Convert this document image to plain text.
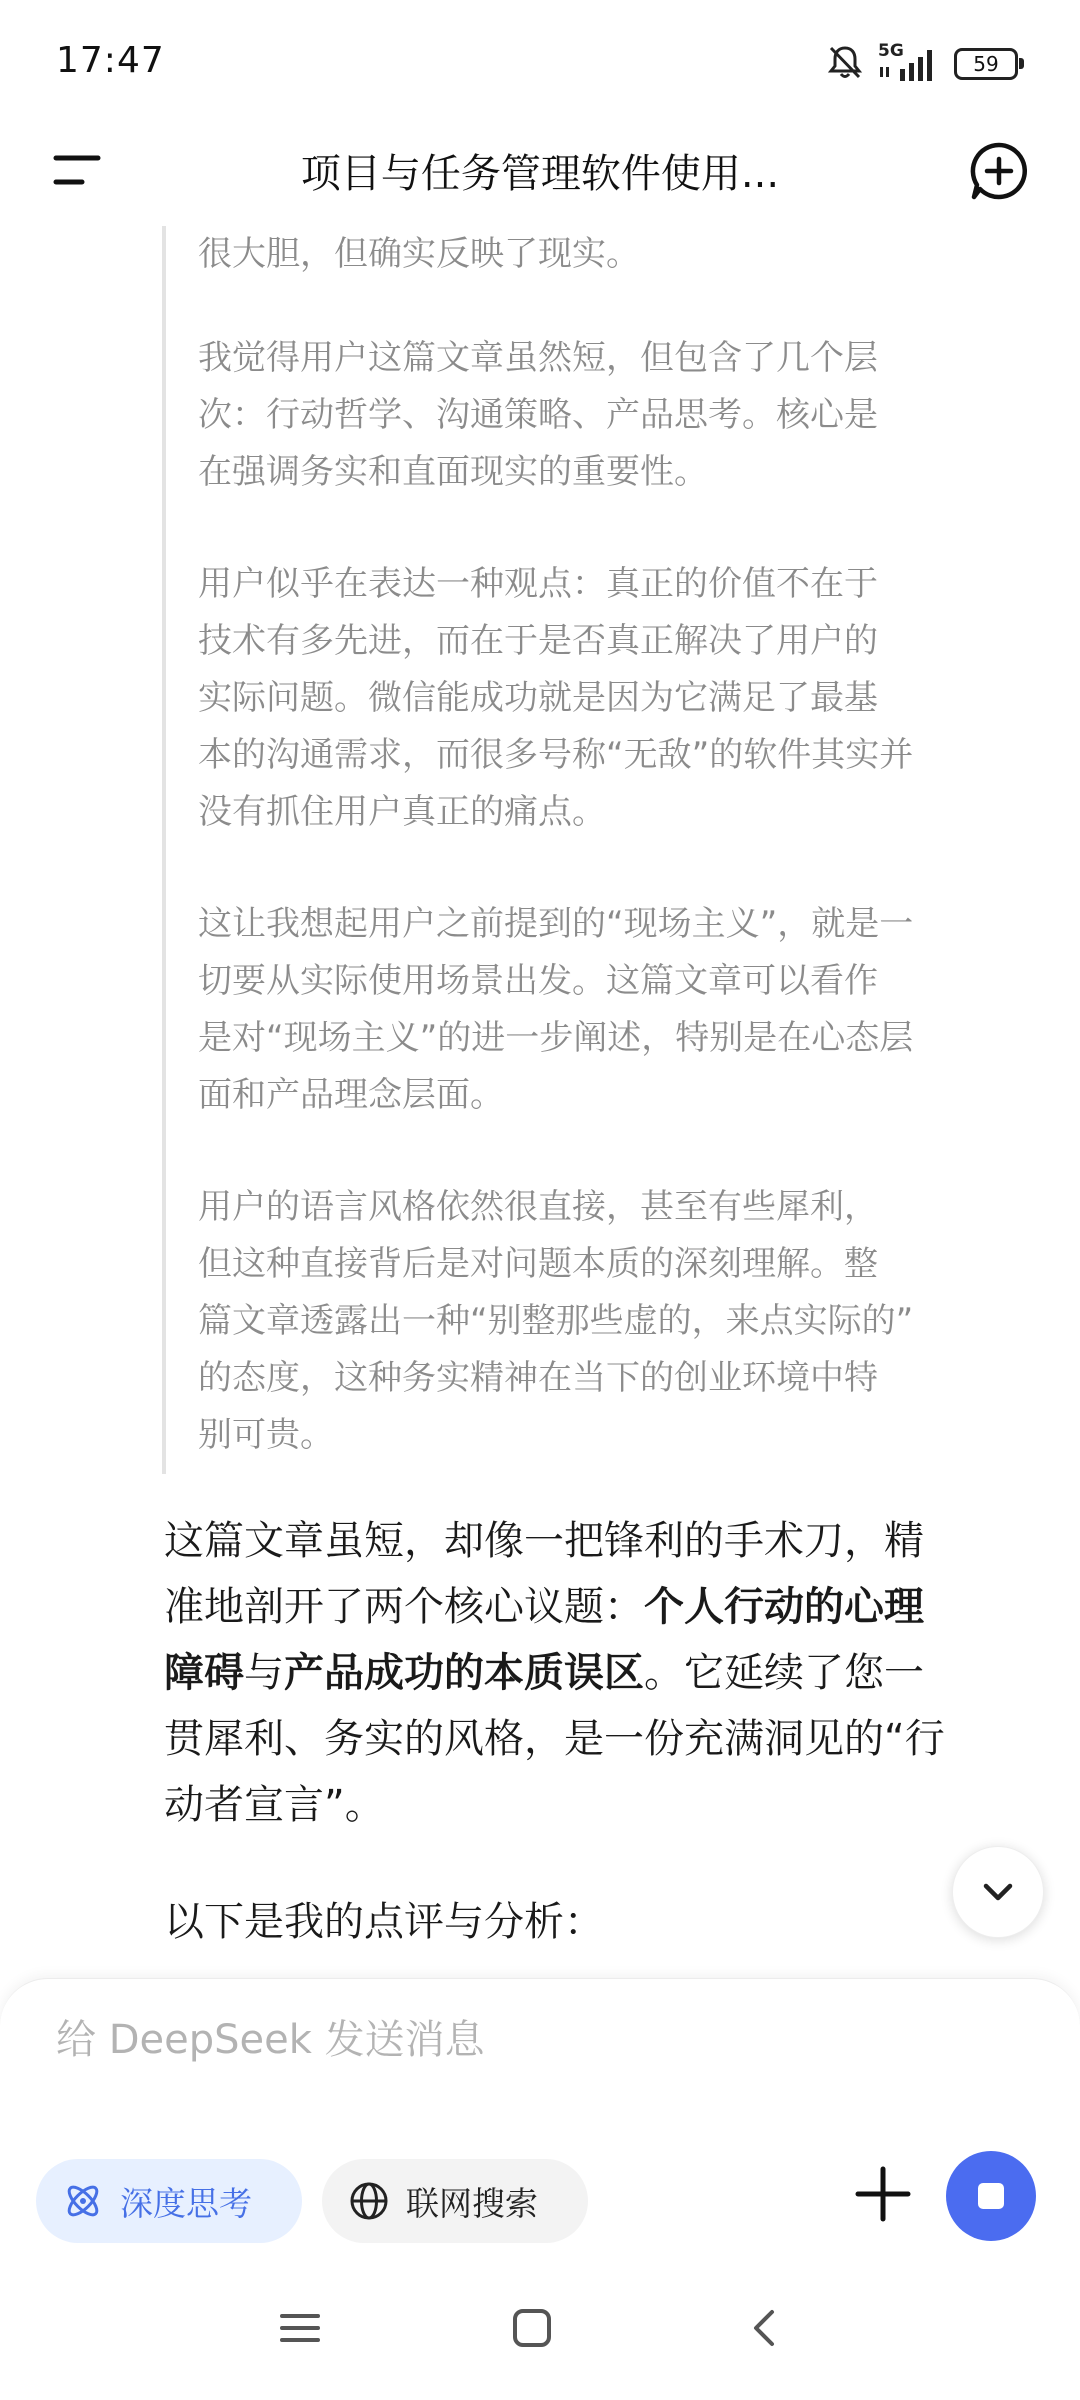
17:47	5G
59
项目与任务管理软件使用...
很大胆，但确实反映了现实。
我觉得用户这篇文章虽然短，但包含了几个层
次：行动哲学、沟通策略、产品思考。核心是
在强调务实和直面现实的重要性。
用户似乎在表达一种观点：真正的价值不在于
技术有多先进，而在于是否真正解决了用户的
实际问题。微信能成功就是因为它满足了最基
本的沟通需求，而很多号称“无敌”的软件其实并
没有抓住用户真正的痛点。
这让我想起用户之前提到的“现场主义”，就是一
切要从实际使用场景出发。这篇文章可以看作
是对“现场主义”的进一步阐述，特别是在心态层
面和产品理念层面。
用户的语言风格依然很直接，甚至有些犀利，
但这种直接背后是对问题本质的深刻理解。整
篇文章透露出一种“别整那些虚的，来点实际的”
的态度，这种务实精神在当下的创业环境中特
别可贵。
这篇文章虽短，却像一把锋利的手术刀，精
准地剖开了两个核心议题：个人行动的心理
障碍与产品成功的本质误区。它延续了您一
贯犀利、务实的风格，是一份充满洞见的“行
动者宣言”。
以下是我的点评与分析：
给 DeepSeek 发送消息
深度思考	联网搜索
